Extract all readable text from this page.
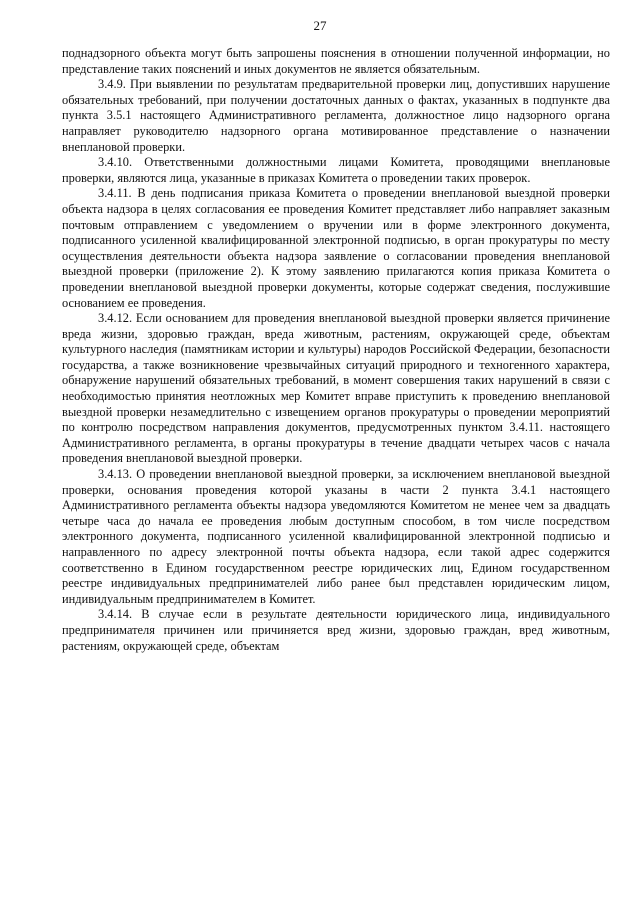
27

поднадзорного объекта могут быть запрошены пояснения в отношении полученной информации, но представление таких пояснений и иных документов не является обязательным.

3.4.9. При выявлении по результатам предварительной проверки лиц, допустивших нарушение обязательных требований, при получении достаточных данных о фактах, указанных в подпункте два пункта 3.5.1 настоящего Административного регламента, должностное лицо надзорного органа направляет руководителю надзорного органа мотивированное представление о назначении внеплановой проверки.

3.4.10. Ответственными должностными лицами Комитета, проводящими внеплановые проверки, являются лица, указанные в приказах Комитета о проведении таких проверок.

3.4.11. В день подписания приказа Комитета о проведении внеплановой выездной проверки объекта надзора в целях согласования ее проведения Комитет представляет либо направляет заказным почтовым отправлением с уведомлением о вручении или в форме электронного документа, подписанного усиленной квалифицированной электронной подписью, в орган прокуратуры по месту осуществления деятельности объекта надзора заявление о согласовании проведения внеплановой выездной проверки (приложение 2). К этому заявлению прилагаются копия приказа Комитета о проведении внеплановой выездной проверки документы, которые содержат сведения, послужившие основанием ее проведения.

3.4.12. Если основанием для проведения внеплановой выездной проверки является причинение вреда жизни, здоровью граждан, вреда животным, растениям, окружающей среде, объектам культурного наследия (памятникам истории и культуры) народов Российской Федерации, безопасности государства, а также возникновение чрезвычайных ситуаций природного и техногенного характера, обнаружение нарушений обязательных требований, в момент совершения таких нарушений в связи с необходимостью принятия неотложных мер Комитет вправе приступить к проведению внеплановой выездной проверки незамедлительно с извещением органов прокуратуры о проведении мероприятий по контролю посредством направления документов, предусмотренных пунктом 3.4.11. настоящего Административного регламента, в органы прокуратуры в течение двадцати четырех часов с начала проведения внеплановой выездной проверки.

3.4.13. О проведении внеплановой выездной проверки, за исключением внеплановой выездной проверки, основания проведения которой указаны в части 2 пункта 3.4.1 настоящего Административного регламента объекты надзора уведомляются Комитетом не менее чем за двадцать четыре часа до начала ее проведения любым доступным способом, в том числе посредством электронного документа, подписанного усиленной квалифицированной электронной подписью и направленного по адресу электронной почты объекта надзора, если такой адрес содержится соответственно в Едином государственном реестре юридических лиц, Едином государственном реестре индивидуальных предпринимателей либо ранее был представлен юридическим лицом, индивидуальным предпринимателем в Комитет.

3.4.14. В случае если в результате деятельности юридического лица, индивидуального предпринимателя причинен или причиняется вред жизни, здоровью граждан, вред животным, растениям, окружающей среде, объектам
